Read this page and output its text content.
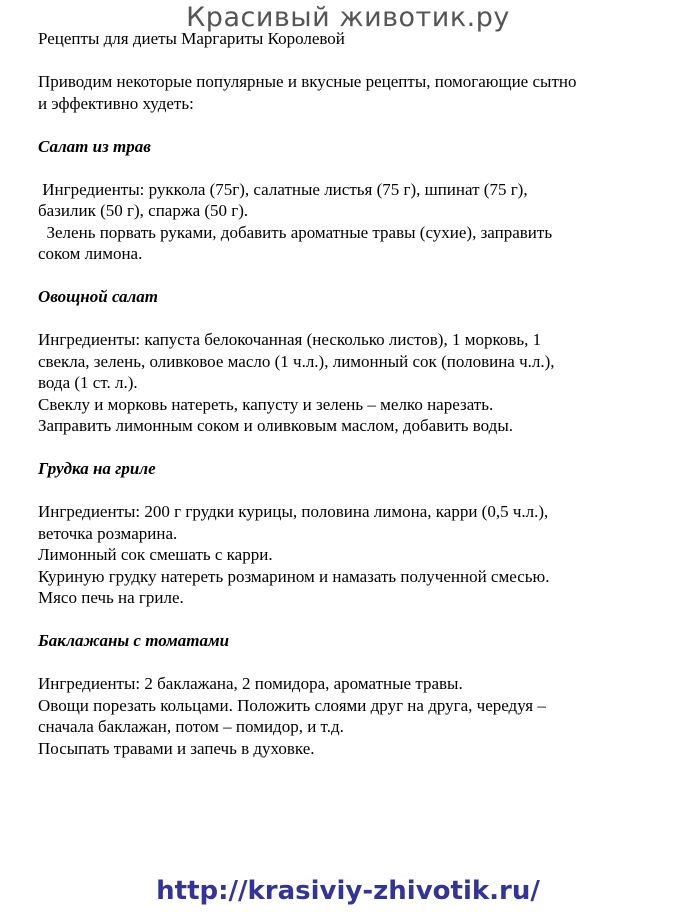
Красивый животик.ру

Рецепты для диеты Маргариты Королевой

Приводим некоторые популярные и вкусные рецепты, помогающие сытно

и эффективно худеть:

Салат из трав

Ингредиенты: руккола (75г), салатные листья (75 г), шпинат (75 г),

базилик (50 г), спаржа (50 г).

Зелень порвать руками, добавить ароматные травы (сухие), заправить

соком лимона.

Овощной салат

Ингредиенты: капуста белокочанная (несколько листов), 1 морковь, 1

свекла, зелень, оливковое масло (1 ч.л.), лимонный сок (половина ч.л.),

вода (1 ст. л.).

Свеклу и морковь натереть, капусту и зелень – мелко нарезать.

Заправить лимонным соком и оливковым маслом, добавить воды.

Грудка на гриле

Ингредиенты: 200 г грудки курицы, половина лимона, карри (0,5 ч.л.),

веточка розмарина.

Лимонный сок смешать с карри.

Куриную грудку натереть розмарином и намазать полученной смесью.

Мясо печь на гриле.

Баклажаны с томатами

Ингредиенты: 2 баклажана, 2 помидора, ароматные травы.

Овощи порезать кольцами. Положить слоями друг на друга, чередуя –

сначала баклажан, потом – помидор, и т.д.

Посыпать травами и запечь в духовке.

http://krasiviy-zhivotik.ru/
